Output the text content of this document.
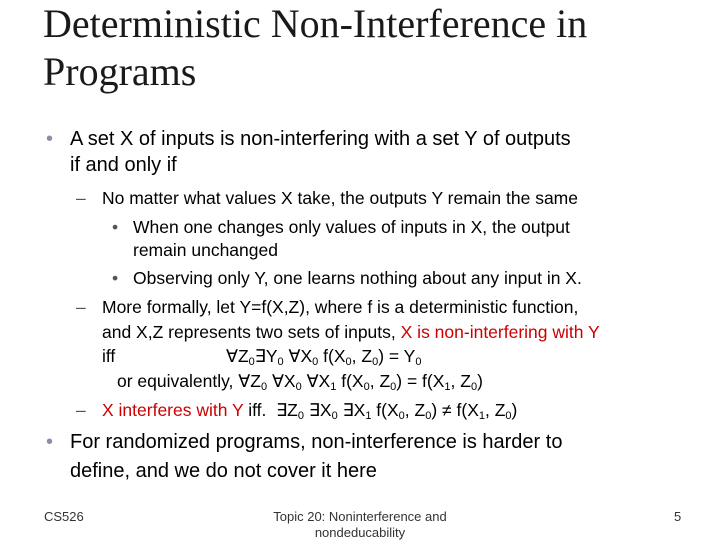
Deterministic Non-Interference in
Programs
• A set X of inputs is non-interfering with a set Y of outputs
if and only if
– No matter what values X take, the outputs Y remain the same
• When one changes only values of inputs in X, the output
remain unchanged
• Observing only Y, one learns nothing about any input in X.
– More formally, let Y=f(X,Z), where f is a deterministic function,
and X,Z represents two sets of inputs, X is non-interfering with Y
iff	$\forall Z_0\exists Y_0$ $\forall X_0$ $f(X_0$, $Z_0) = Y_0$
or equivalently, $\forall Z_0$ $\forall X_0$ $\forall X_1$ $f(X_0$, $Z_0) = f(X_1$, $Z_0$)
– X interferes with Y iff.  $\exists Z_0$ $\exists X_0$ $\exists X_1$ $f(X_0$, $Z_0) \ne f(X_1$, $Z_0$)
• For randomized programs, non-interference is harder to
define, and we do not cover it here
CS526	Topic 20: Noninterference and
nondeducability
5
